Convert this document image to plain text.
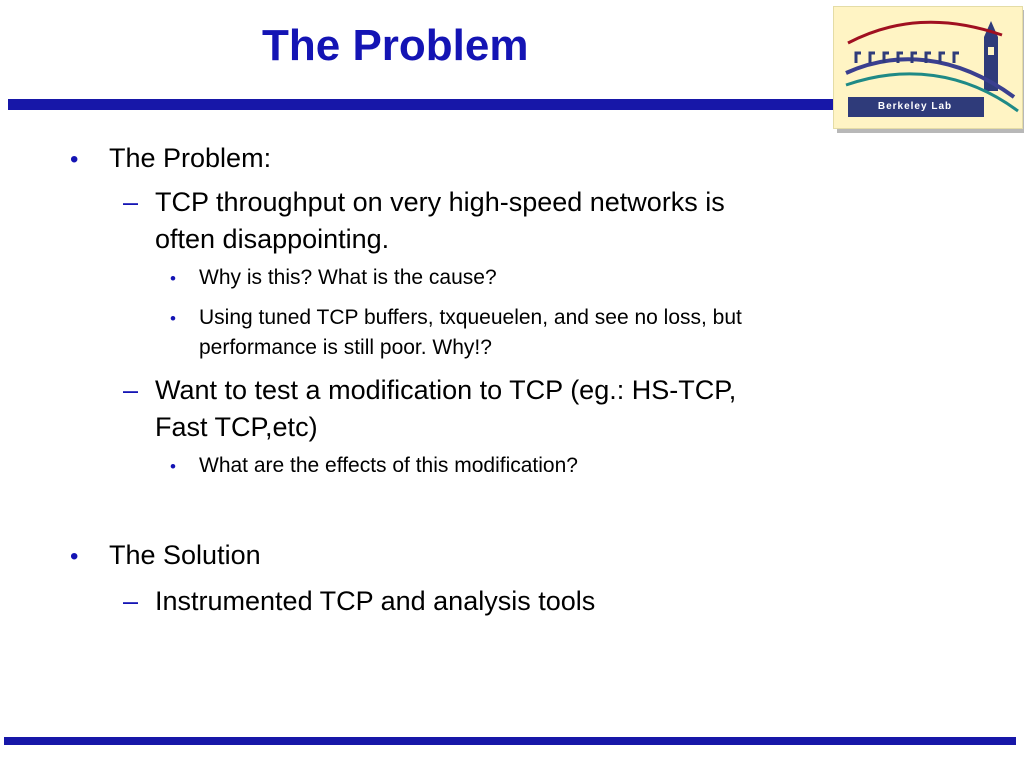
The Problem
Berkeley Lab
• The Problem:

– TCP throughput on very high-speed networks is

often disappointing.

• Why is this? What is the cause?

• Using tuned TCP buffers, txqueuelen, and see no loss, but

performance is still poor. Why!?

– Want to test a modification to TCP (eg.: HS-TCP,

Fast TCP,etc)

• What are the effects of this modification?

• The Solution

– Instrumented TCP and analysis tools
